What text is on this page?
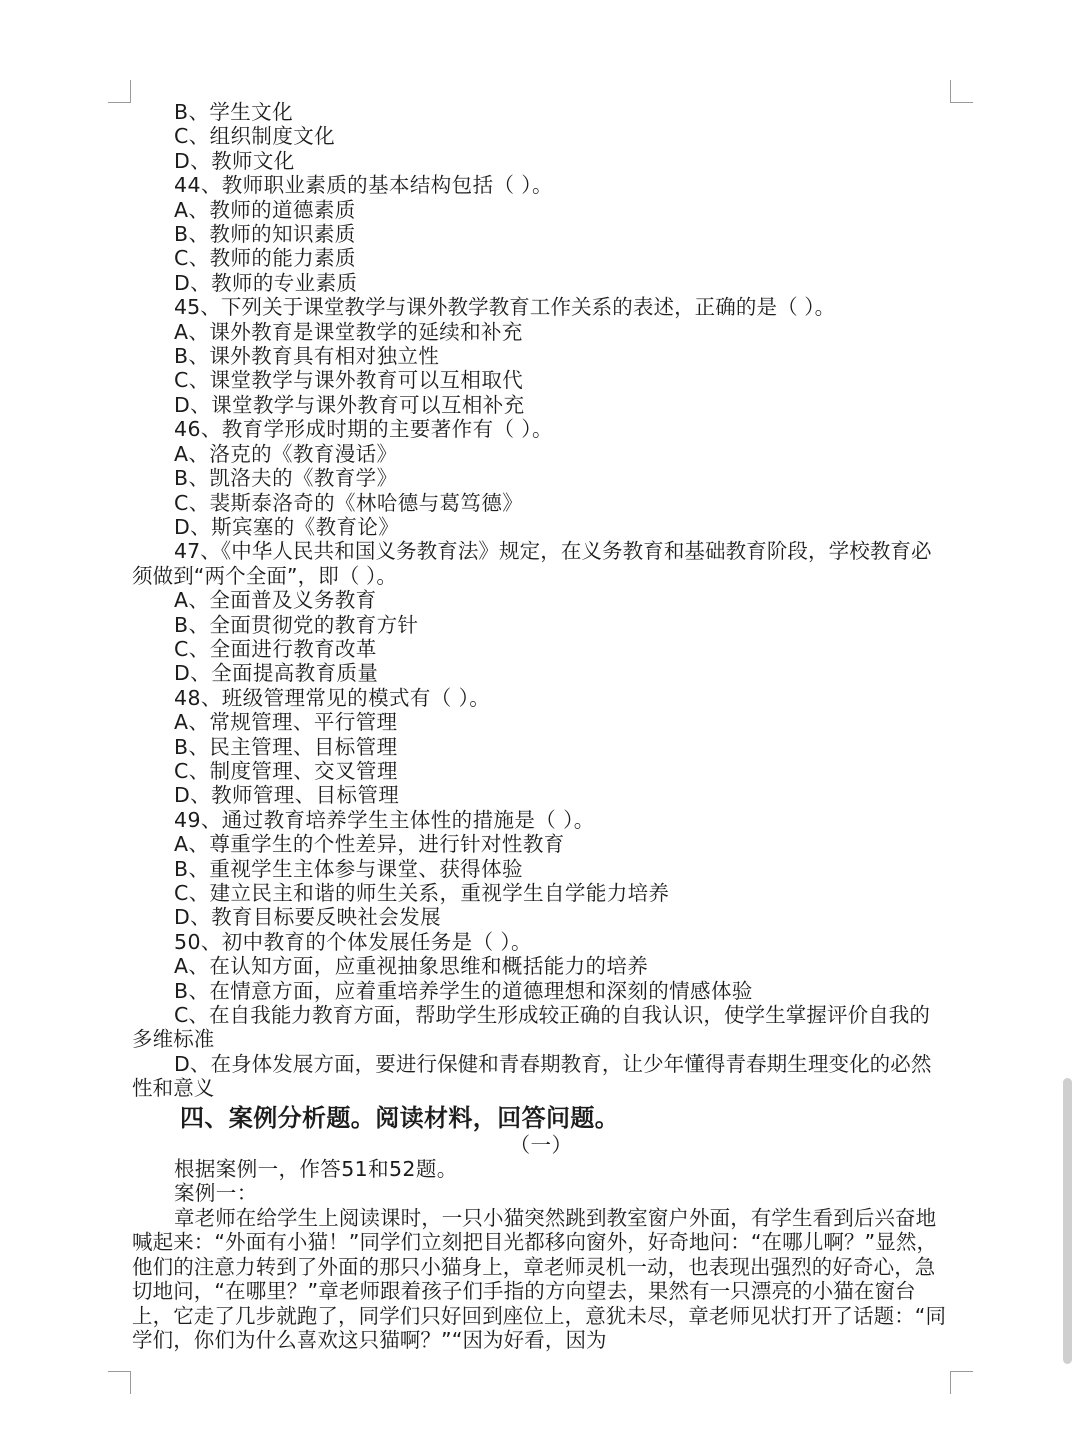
B、学生文化
C、组织制度文化
D、教师文化
44、教师职业素质的基本结构包括（ ）。
A、教师的道德素质
B、教师的知识素质
C、教师的能力素质
D、教师的专业素质
45、下列关于课堂教学与课外教学教育工作关系的表述，正确的是（ ）。
A、课外教育是课堂教学的延续和补充
B、课外教育具有相对独立性
C、课堂教学与课外教育可以互相取代
D、课堂教学与课外教育可以互相补充
46、教育学形成时期的主要著作有（ ）。
A、洛克的《教育漫话》
B、凯洛夫的《教育学》
C、裴斯泰洛奇的《林哈德与葛笃德》
D、斯宾塞的《教育论》
47、《中华人民共和国义务教育法》规定，在义务教育和基础教育阶段，学校教育必须做到“两个全面”，即（ ）。
A、全面普及义务教育
B、全面贯彻党的教育方针
C、全面进行教育改革
D、全面提高教育质量
48、班级管理常见的模式有（ ）。
A、常规管理、平行管理
B、民主管理、目标管理
C、制度管理、交叉管理
D、教师管理、目标管理
49、通过教育培养学生主体性的措施是（ ）。
A、尊重学生的个性差异，进行针对性教育
B、重视学生主体参与课堂、获得体验
C、建立民主和谐的师生关系，重视学生自学能力培养
D、教育目标要反映社会发展
50、初中教育的个体发展任务是（ ）。
A、在认知方面，应重视抽象思维和概括能力的培养
B、在情意方面，应着重培养学生的道德理想和深刻的情感体验
C、在自我能力教育方面，帮助学生形成较正确的自我认识，使学生掌握评价自我的多维标准
D、在身体发展方面，要进行保健和青春期教育，让少年懂得青春期生理变化的必然性和意义
四、案例分析题。阅读材料，回答问题。
（一）
根据案例一，作答51和52题。
案例一：
章老师在给学生上阅读课时，一只小猫突然跳到教室窗户外面，有学生看到后兴奋地喊起来：“外面有小猫！”同学们立刻把目光都移向窗外，好奇地问：“在哪儿啊？”显然，他们的注意力转到了外面的那只小猫身上，章老师灵机一动，也表现出强烈的好奇心，急切地问，“在哪里？”章老师跟着孩子们手指的方向望去，果然有一只漂亮的小猫在窗台上，它走了几步就跑了，同学们只好回到座位上，意犹未尽，章老师见状打开了话题：“同学们，你们为什么喜欢这只猫啊？”“因为好看，因为
